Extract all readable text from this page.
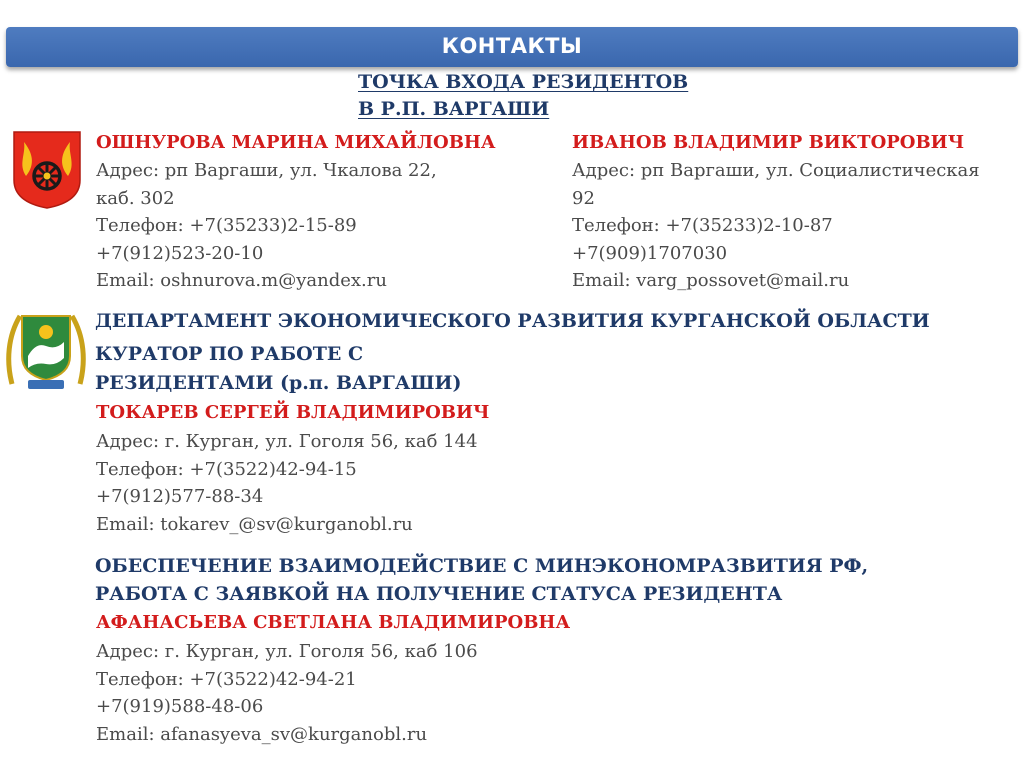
КОНТАКТЫ
ТОЧКА ВХОДА РЕЗИДЕНТОВ
В Р.П. ВАРГАШИ
ОШНУРОВА МАРИНА МИХАЙЛОВНА
Адрес: рп Варгаши, ул. Чкалова 22,
каб. 302
Телефон: +7(35233)2-15-89
+7(912)523-20-10
Email: oshnurova.m@yandex.ru
ИВАНОВ ВЛАДИМИР ВИКТОРОВИЧ
Адрес: рп Варгаши, ул. Социалистическая
92
Телефон: +7(35233)2-10-87
+7(909)1707030
Email: varg_possovet@mail.ru
ДЕПАРТАМЕНТ ЭКОНОМИЧЕСКОГО РАЗВИТИЯ КУРГАНСКОЙ ОБЛАСТИ
КУРАТОР ПО РАБОТЕ С
РЕЗИДЕНТАМИ (р.п. ВАРГАШИ)
ТОКАРЕВ СЕРГЕЙ ВЛАДИМИРОВИЧ
Адрес: г. Курган, ул. Гоголя 56, каб 144
Телефон: +7(3522)42-94-15
+7(912)577-88-34
Email: tokarev_@sv@kurganobl.ru
ОБЕСПЕЧЕНИЕ ВЗАИМОДЕЙСТВИЕ С МИНЭКОНОМРАЗВИТИЯ РФ,
РАБОТА С ЗАЯВКОЙ НА ПОЛУЧЕНИЕ СТАТУСА РЕЗИДЕНТА
АФАНАСЬЕВА СВЕТЛАНА ВЛАДИМИРОВНА
Адрес: г. Курган, ул. Гоголя 56, каб 106
Телефон: +7(3522)42-94-21
+7(919)588-48-06
Email: afanasyeva_sv@kurganobl.ru
